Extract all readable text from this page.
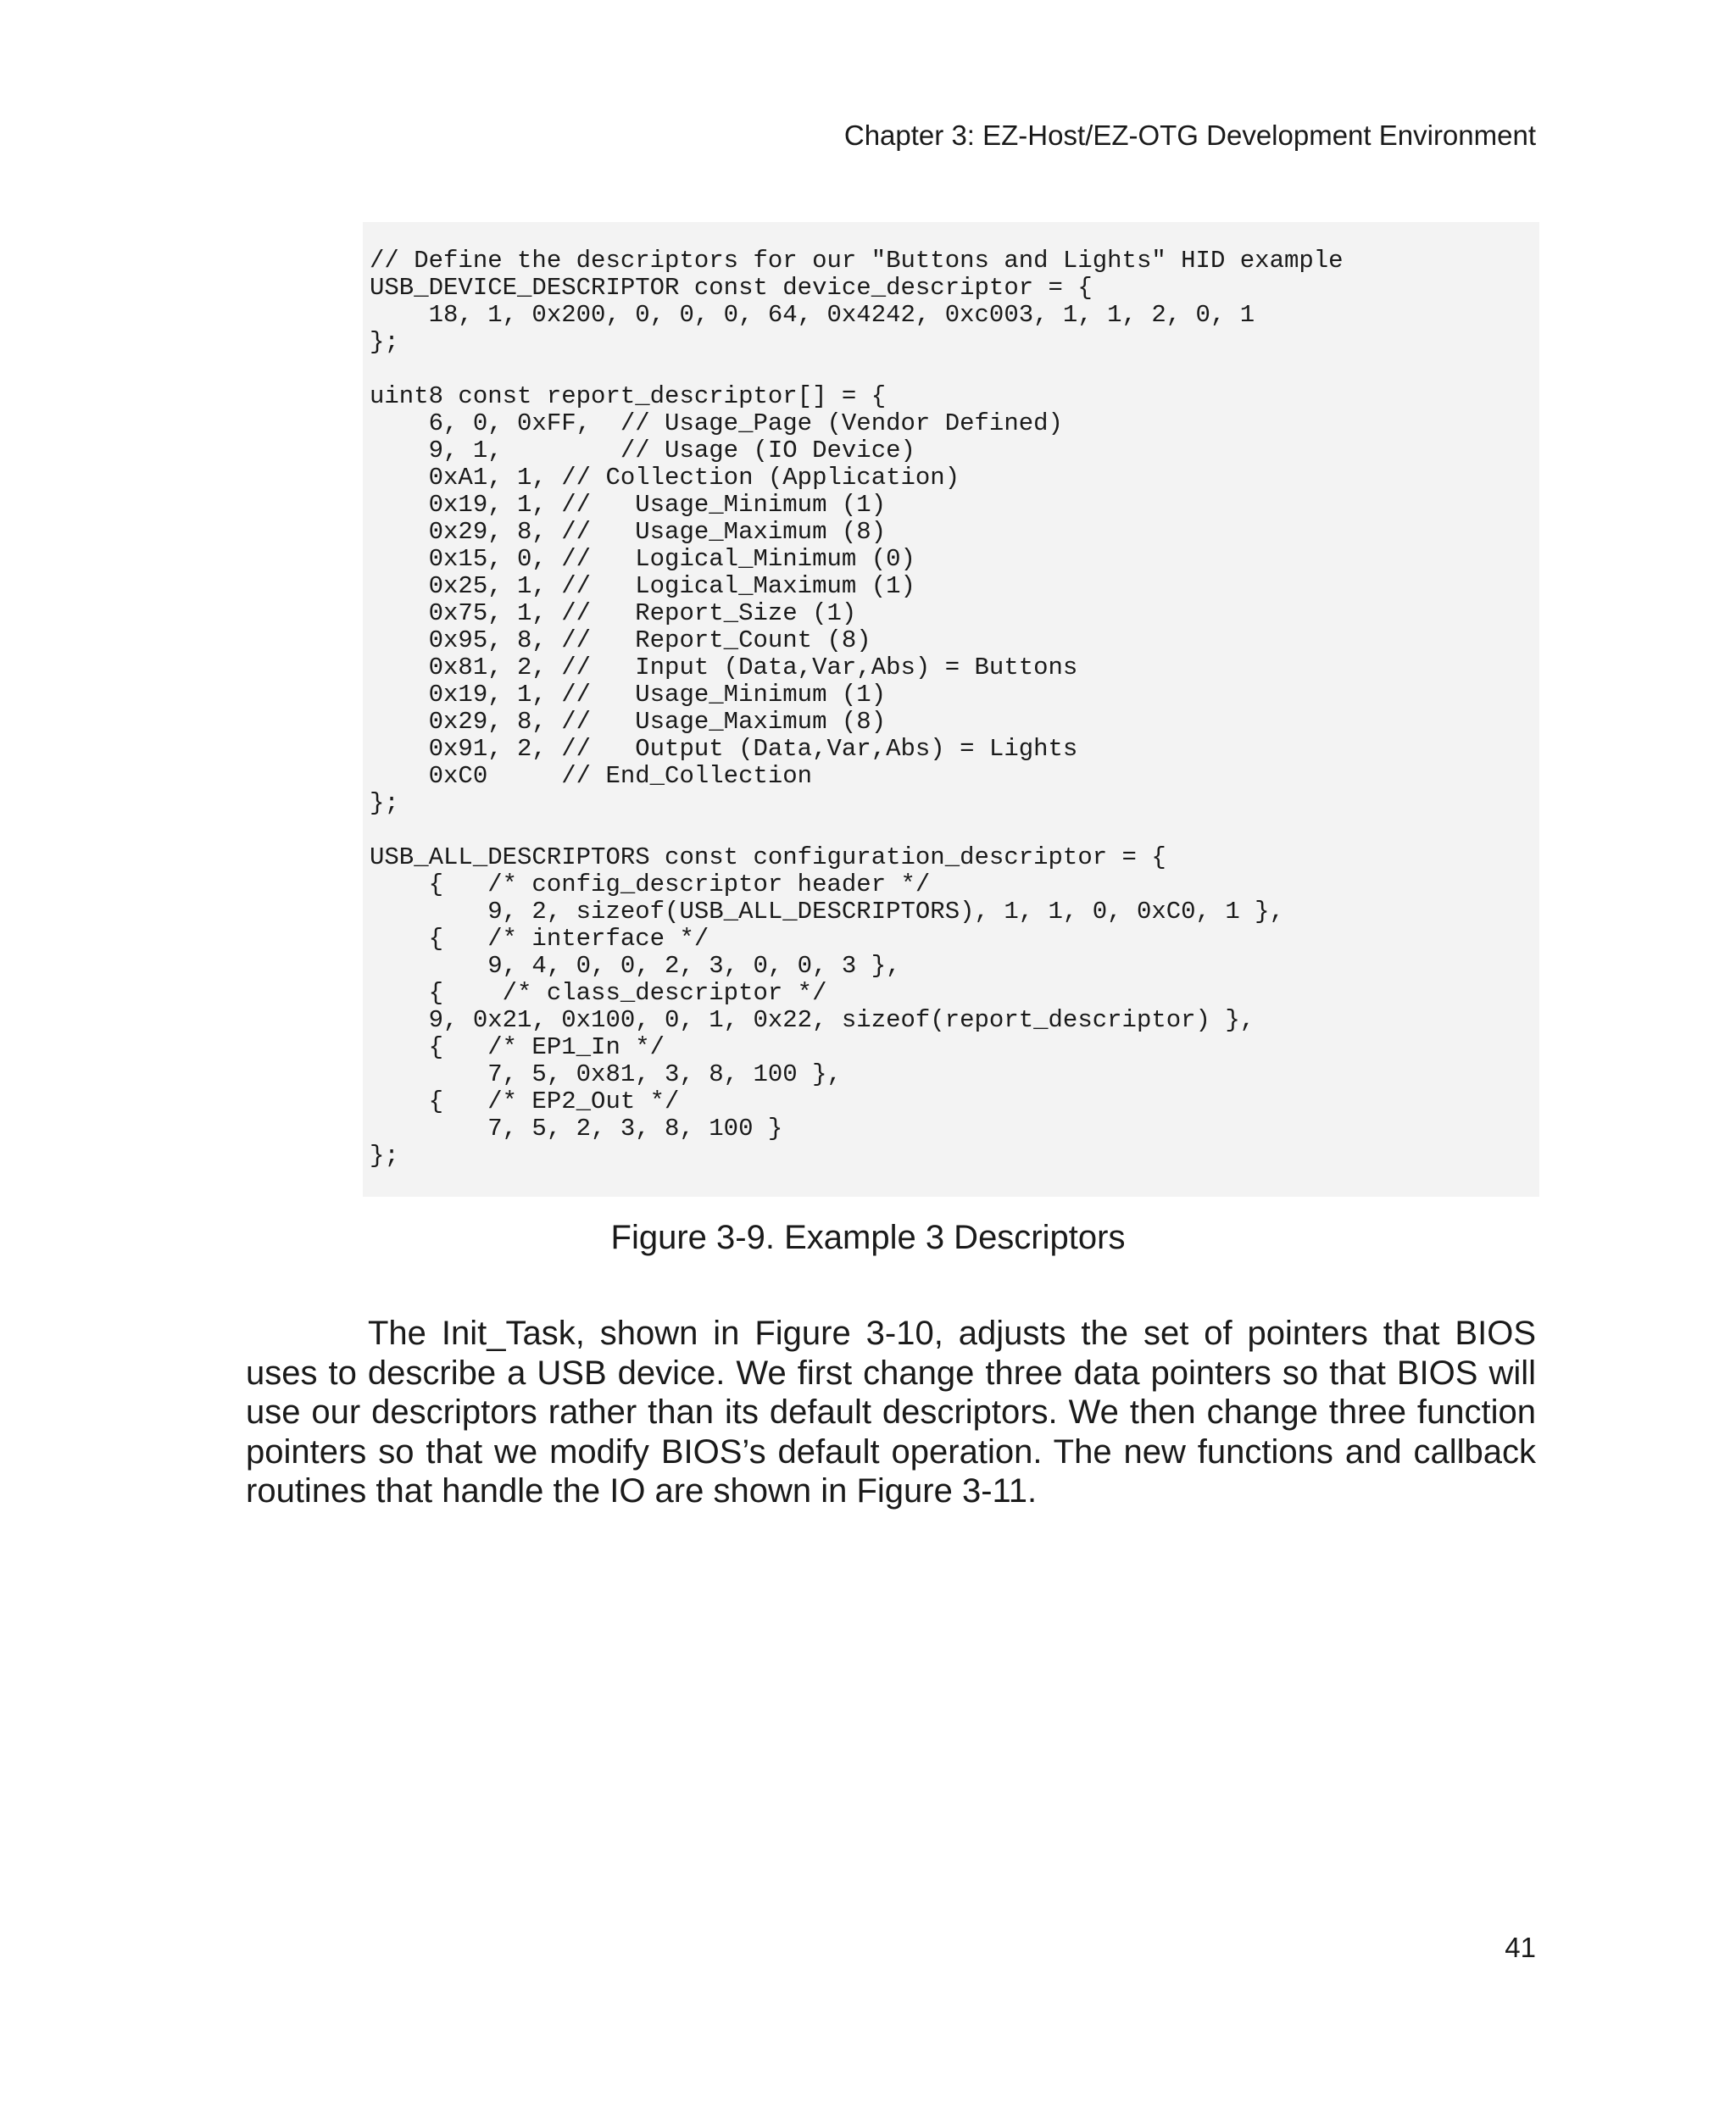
Chapter 3: EZ-Host/EZ-OTG Development Environment
// Define the descriptors for our "Buttons and Lights" HID example
USB_DEVICE_DESCRIPTOR const device_descriptor = {
18, 1, 0x200, 0, 0, 0, 64, 0x4242, 0xc003, 1, 1, 2, 0, 1
};
uint8 const report_descriptor[] = {
6, 0, 0xFF,  // Usage_Page (Vendor Defined)
9, 1,        // Usage (IO Device)
0xA1, 1, // Collection (Application)
0x19, 1, //   Usage_Minimum (1)
0x29, 8, //   Usage_Maximum (8)
0x15, 0, //   Logical_Minimum (0)
0x25, 1, //   Logical_Maximum (1)
0x75, 1, //   Report_Size (1)
0x95, 8, //   Report_Count (8)
0x81, 2, //   Input (Data,Var,Abs) = Buttons
0x19, 1, //   Usage_Minimum (1)
0x29, 8, //   Usage_Maximum (8)
0x91, 2, //   Output (Data,Var,Abs) = Lights
0xC0     // End_Collection
};
USB_ALL_DESCRIPTORS const configuration_descriptor = {
{   /* config_descriptor header */
9, 2, sizeof(USB_ALL_DESCRIPTORS), 1, 1, 0, 0xC0, 1 },
{   /* interface */
9, 4, 0, 0, 2, 3, 0, 0, 3 },
{    /* class_descriptor */
9, 0x21, 0x100, 0, 1, 0x22, sizeof(report_descriptor) },
{   /* EP1_In */
7, 5, 0x81, 3, 8, 100 },
{   /* EP2_Out */
7, 5, 2, 3, 8, 100 }
};
Figure 3-9. Example 3 Descriptors

The Init_Task, shown in Figure 3-10, adjusts the set of pointers that BIOS uses to describe a USB device. We first change three data pointers so that BIOS will use our descriptors rather than its default descriptors. We then change three function pointers so that we modify BIOS’s default operation. The new functions and callback routines that handle the IO are shown in Figure 3-11.

41
